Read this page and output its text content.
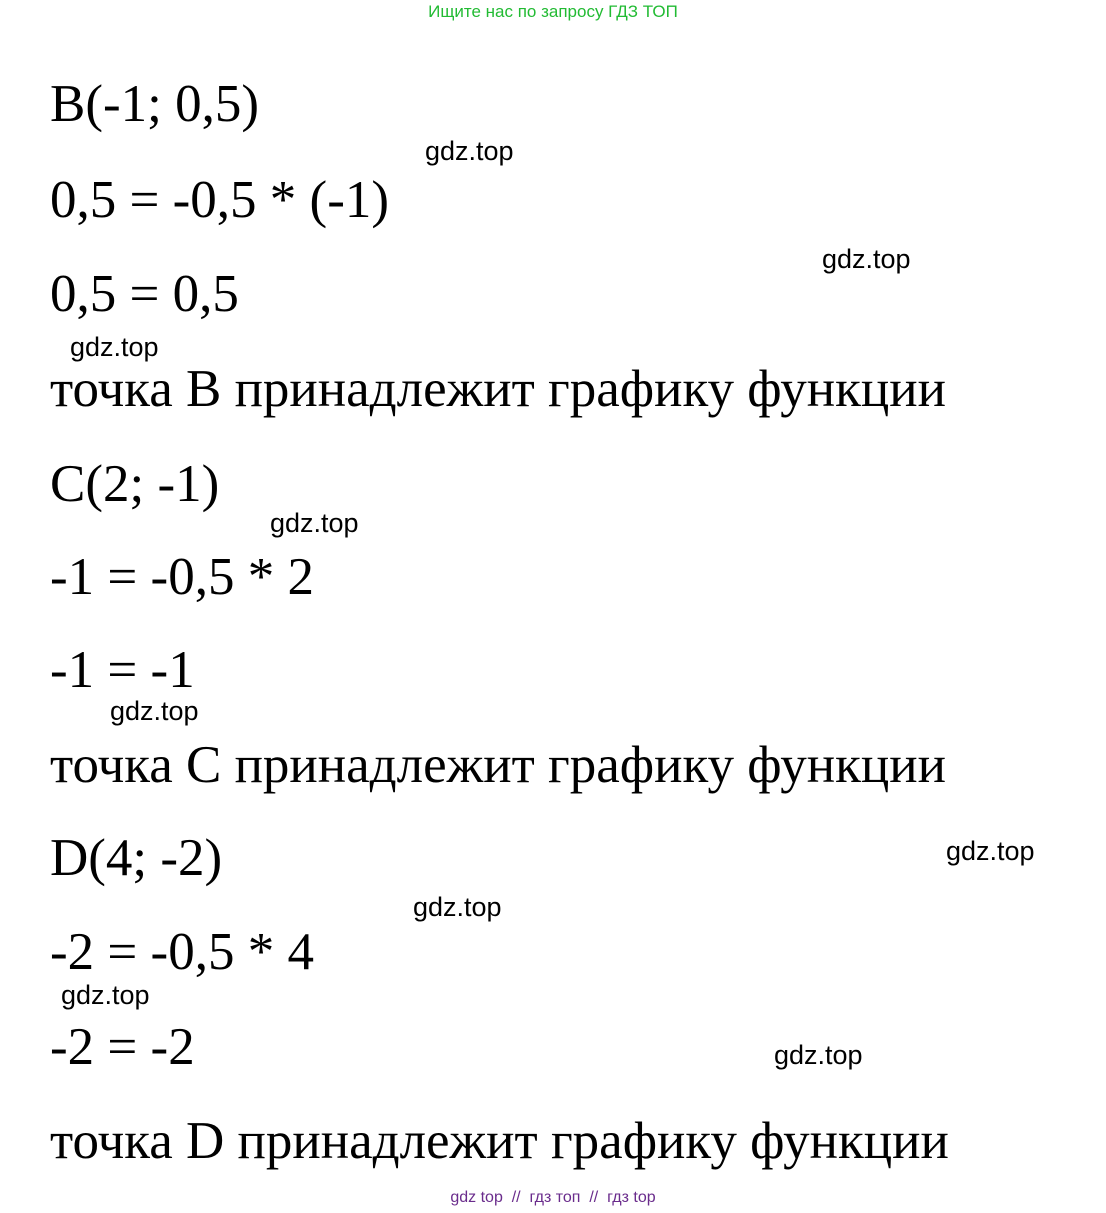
Ищите нас по запросу ГДЗ ТОП

B(-1; 0,5)

0,5 = -0,5 * (-1)

0,5 = 0,5

точка B принадлежит графику функции

C(2; -1)

-1 = -0,5 * 2

-1 = -1

точка C принадлежит графику функции

D(4; -2)

-2 = -0,5 * 4

-2 = -2

точка D принадлежит графику функции

gdz.top
gdz.top
gdz.top
gdz.top
gdz.top
gdz.top
gdz.top
gdz.top
gdz.top
gdz top // гдз топ // гдз top
